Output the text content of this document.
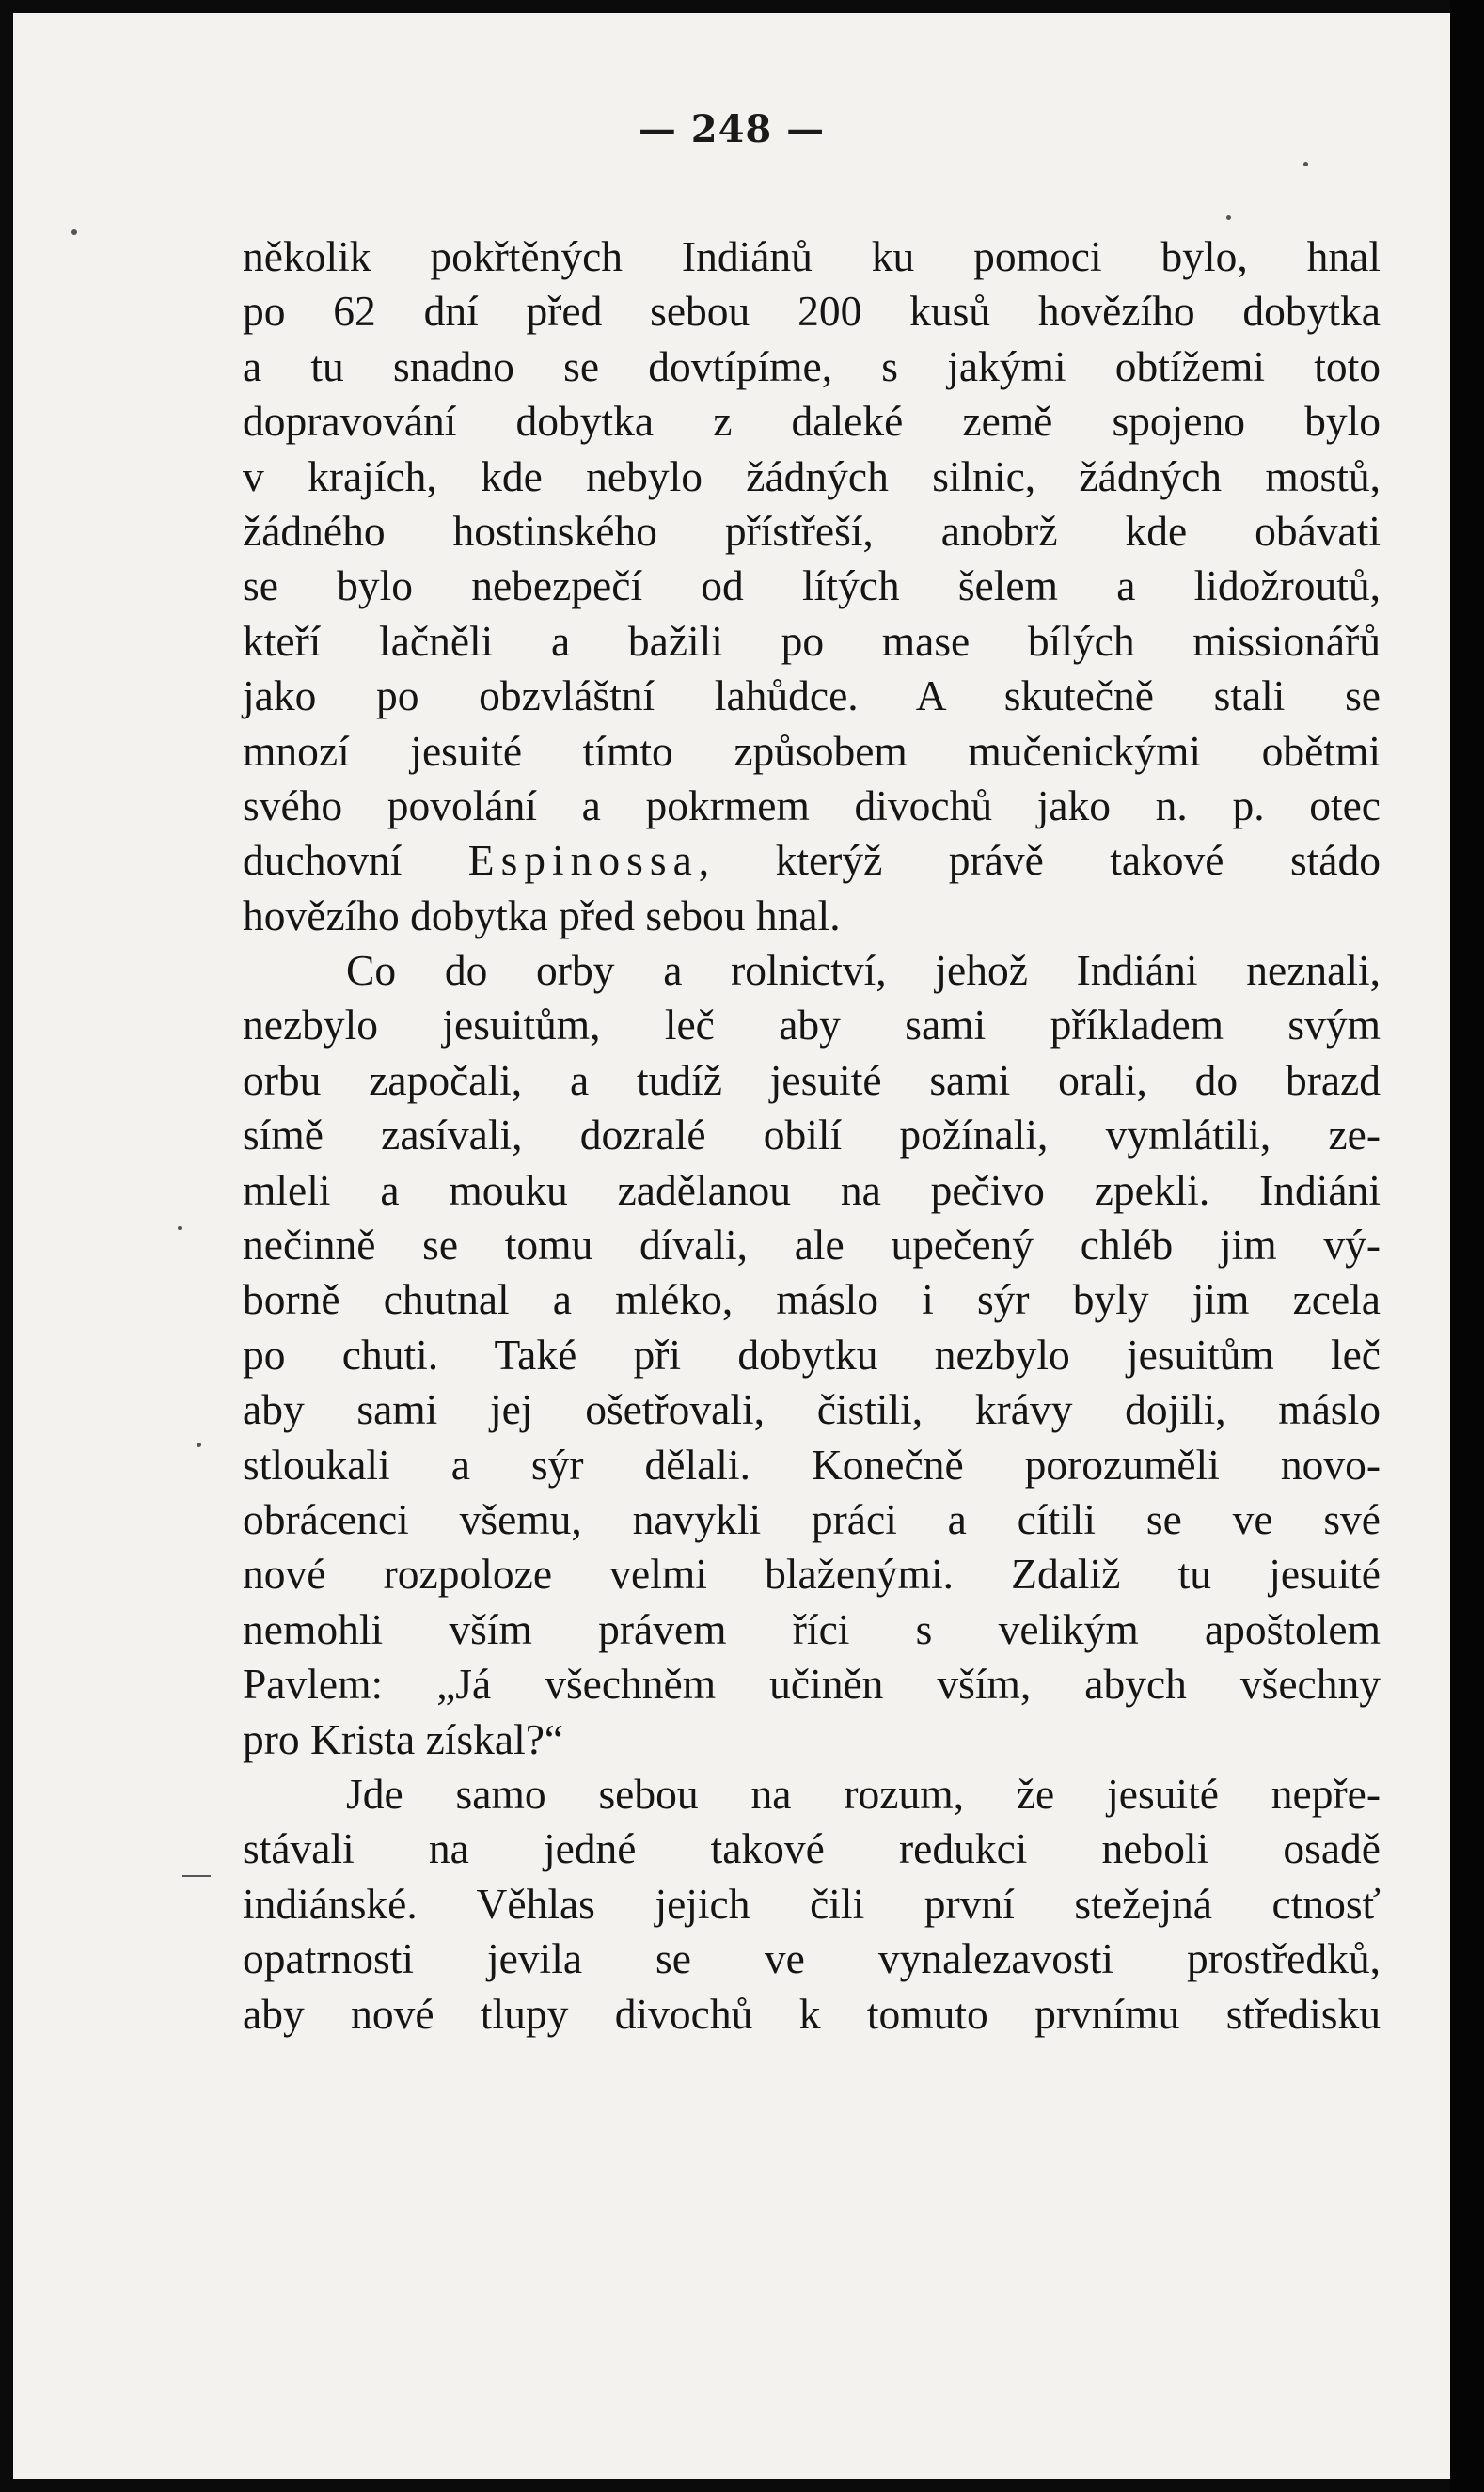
— 248 —
několik pokřtěných Indiánů ku pomoci bylo, hnal
po 62 dní před sebou 200 kusů hovězího dobytka
a tu snadno se dovtípíme, s jakými obtížemi toto
dopravování dobytka z daleké země spojeno bylo
v krajích, kde nebylo žádných silnic, žádných mostů,
žádného hostinského přístřeší, anobrž kde obávati
se bylo nebezpečí od lítých šelem a lidožroutů,
kteří lačněli a bažili po mase bílých missionářů
jako po obzvláštní lahůdce. A skutečně stali se
mnozí jesuité tímto způsobem mučenickými obětmi
svého povolání a pokrmem divochů jako n. p. otec
duchovní Espinossa, kterýž právě takové stádo
hovězího dobytka před sebou hnal.
Co do orby a rolnictví, jehož Indiáni neznali,
nezbylo jesuitům, leč aby sami příkladem svým
orbu započali, a tudíž jesuité sami orali, do brazd
símě zasívali, dozralé obilí požínali, vymlátili, ze-
mleli a mouku zadělanou na pečivo zpekli. Indiáni
nečinně se tomu dívali, ale upečený chléb jim vý-
borně chutnal a mléko, máslo i sýr byly jim zcela
po chuti. Také při dobytku nezbylo jesuitům leč
aby sami jej ošetřovali, čistili, krávy dojili, máslo
stloukali a sýr dělali. Konečně porozuměli novo-
obrácenci všemu, navykli práci a cítili se ve své
nové rozpoloze velmi blaženými. Zdaliž tu jesuité
nemohli vším právem říci s velikým apoštolem
Pavlem: „Já všechněm učiněn vším, abych všechny
pro Krista získal?“
Jde samo sebou na rozum, že jesuité nepře-
stávali na jedné takové redukci neboli osadě
indiánské. Věhlas jejich čili první stežejná ctnosť
opatrnosti jevila se ve vynalezavosti prostředků,
aby nové tlupy divochů k tomuto prvnímu středisku
